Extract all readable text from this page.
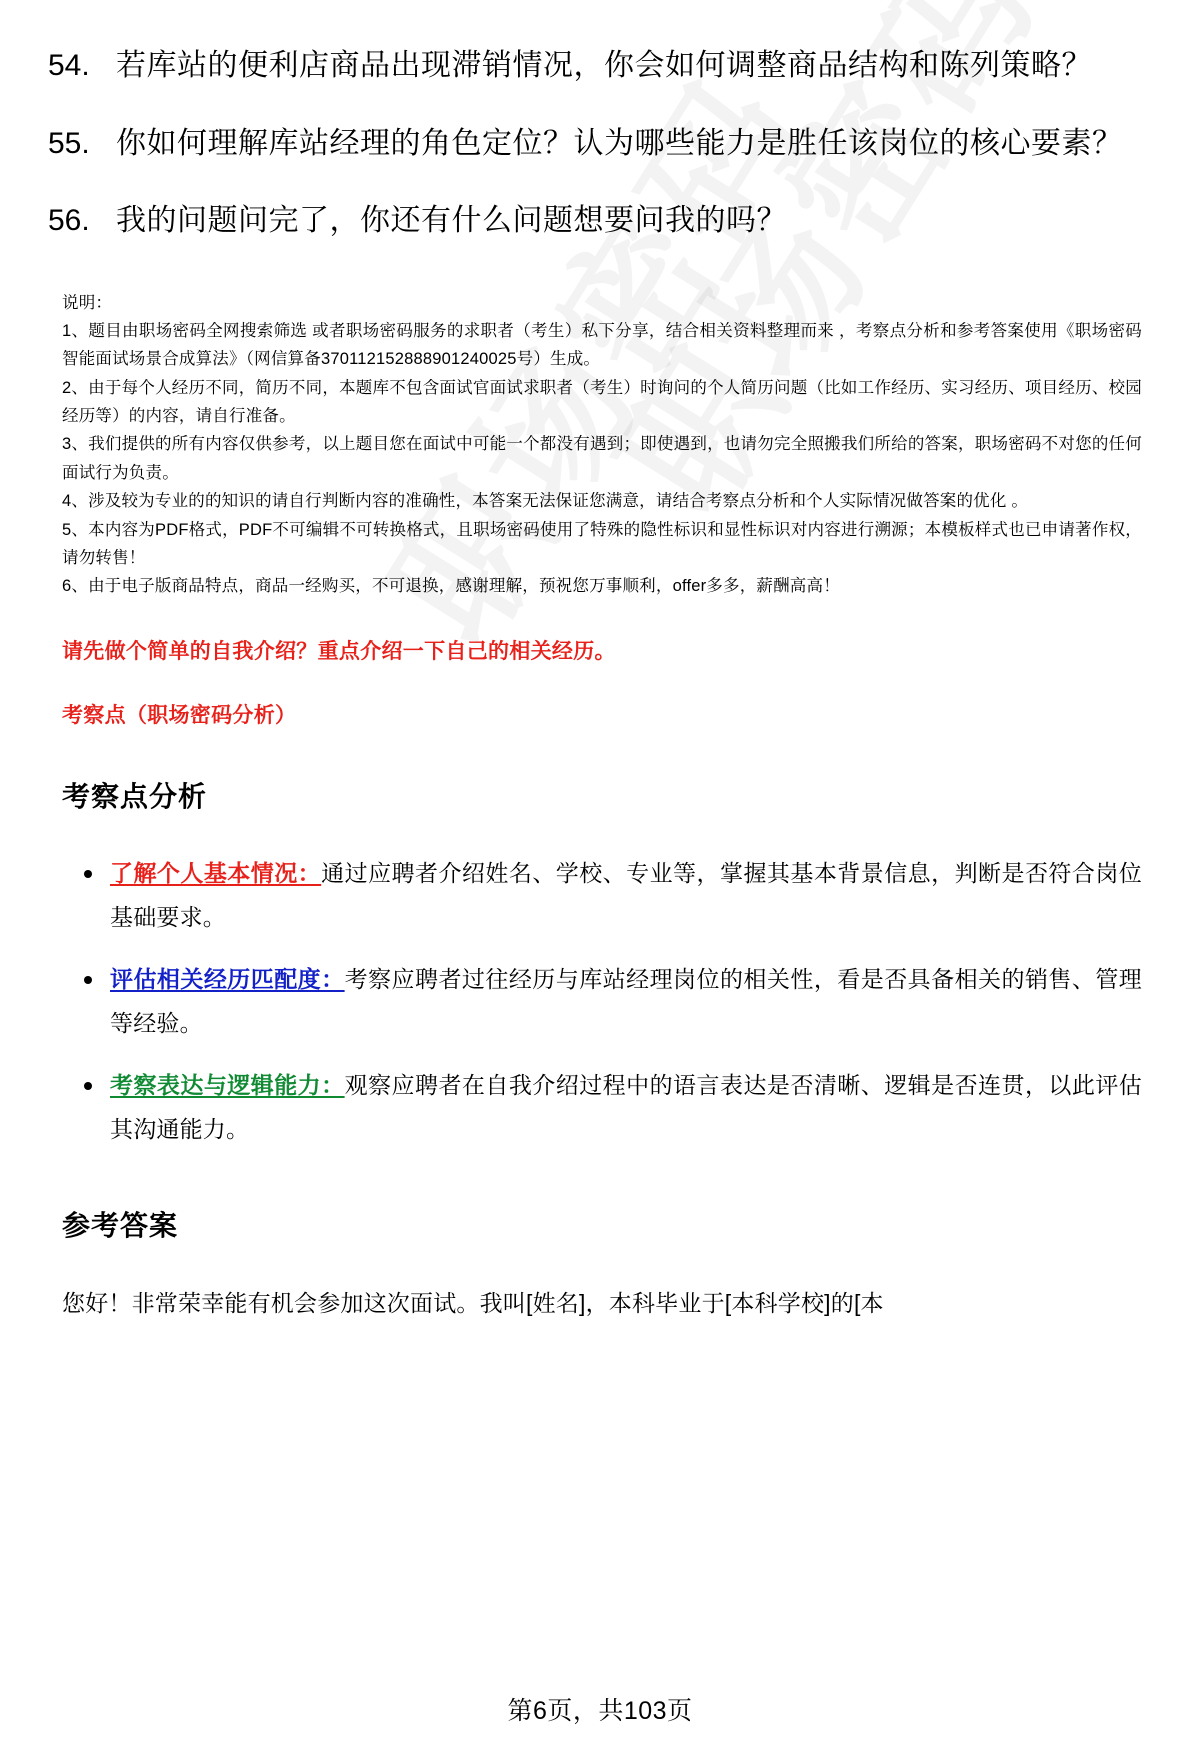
54. 若库站的便利店商品出现滞销情况，你会如何调整商品结构和陈列策略？
55. 你如何理解库站经理的角色定位？认为哪些能力是胜任该岗位的核心要素？
56. 我的问题问完了，你还有什么问题想要问我的吗？
说明：
1、题目由职场密码全网搜索筛选 或者职场密码服务的求职者（考生）私下分享，结合相关资料整理而来 ，考察点分析和参考答案使用《职场密码智能面试场景合成算法》（网信算备370112152888901240025号）生成。
2、由于每个人经历不同，简历不同，本题库不包含面试官面试求职者（考生）时询问的个人简历问题（比如工作经历、实习经历、项目经历、校园经历等）的内容，请自行准备。
3、我们提供的所有内容仅供参考，以上题目您在面试中可能一个都没有遇到；即使遇到，也请勿完全照搬我们所给的答案，职场密码不对您的任何面试行为负责。
4、涉及较为专业的的知识的请自行判断内容的准确性，本答案无法保证您满意，请结合考察点分析和个人实际情况做答案的优化 。
5、本内容为PDF格式，PDF不可编辑不可转换格式，且职场密码使用了特殊的隐性标识和显性标识对内容进行溯源；本模板样式也已申请著作权，请勿转售！
6、由于电子版商品特点，商品一经购买，不可退换，感谢理解，预祝您万事顺利，offer多多，薪酬高高！
请先做个简单的自我介绍？重点介绍一下自己的相关经历。
考察点（职场密码分析）
考察点分析
了解个人基本情况：通过应聘者介绍姓名、学校、专业等，掌握其基本背景信息，判断是否符合岗位基础要求。
评估相关经历匹配度：考察应聘者过往经历与库站经理岗位的相关性，看是否具备相关的销售、管理等经验。
考察表达与逻辑能力：观察应聘者在自我介绍过程中的语言表达是否清晰、逻辑是否连贯，以此评估其沟通能力。
参考答案
您好！非常荣幸能有机会参加这次面试。我叫[姓名]，本科毕业于[本科学校]的[本
第6页，共103页
